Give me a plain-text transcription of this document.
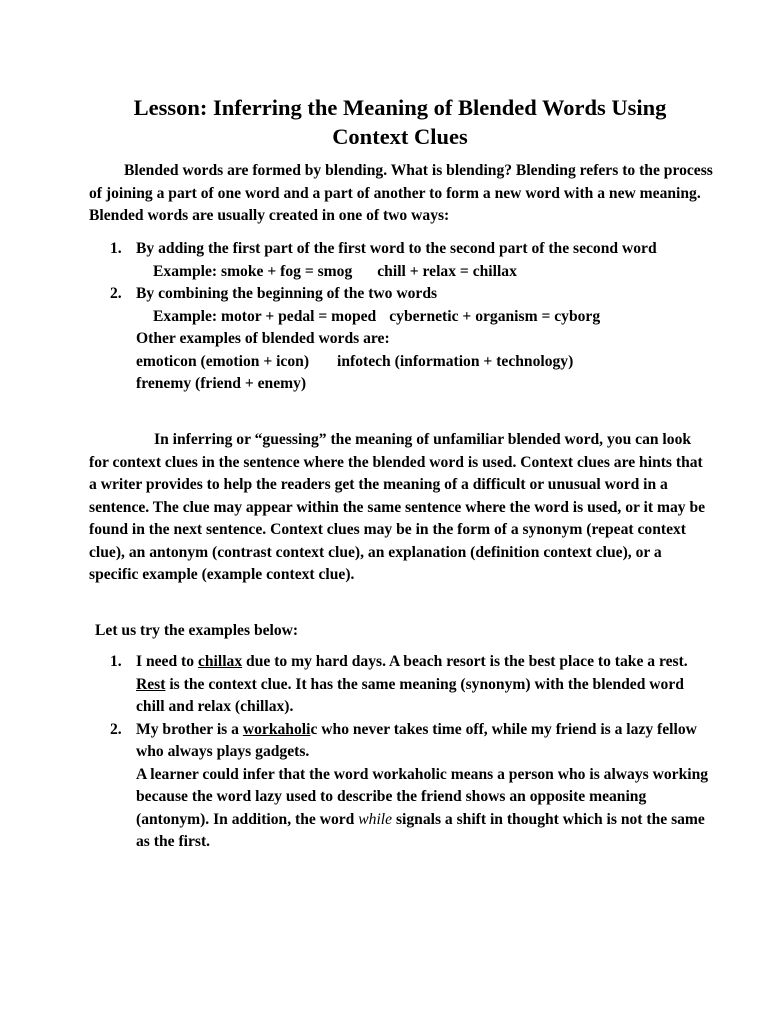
Lesson: Inferring the Meaning of Blended Words Using
Context Clues

Blended words are formed by blending. What is blending? Blending refers to the process of joining a part of one word and a part of another to form a new word with a new meaning. Blended words are usually created in one of two ways:

1. By adding the first part of the first word to the second part of the second word
Example: smoke + fog = smog chill + relax = chillax
2. By combining the beginning of the two words
Example: motor + pedal = moped cybernetic + organism = cyborg
Other examples of blended words are:
emoticon (emotion + icon) infotech (information + technology)
frenemy (friend + enemy)

In inferring or “guessing” the meaning of unfamiliar blended word, you can look for context clues in the sentence where the blended word is used. Context clues are hints that a writer provides to help the readers get the meaning of a difficult or unusual word in a sentence. The clue may appear within the same sentence where the word is used, or it may be found in the next sentence. Context clues may be in the form of a synonym (repeat context clue), an antonym (contrast context clue), an explanation (definition context clue), or a specific example (example context clue).

Let us try the examples below:

1. I need to chillax due to my hard days. A beach resort is the best place to take a rest.
Rest is the context clue. It has the same meaning (synonym) with the blended word chill and relax (chillax).
2. My brother is a workaholic who never takes time off, while my friend is a lazy fellow who always plays gadgets.
A learner could infer that the word workaholic means a person who is always working because the word lazy used to describe the friend shows an opposite meaning (antonym). In addition, the word while signals a shift in thought which is not the same as the first.
